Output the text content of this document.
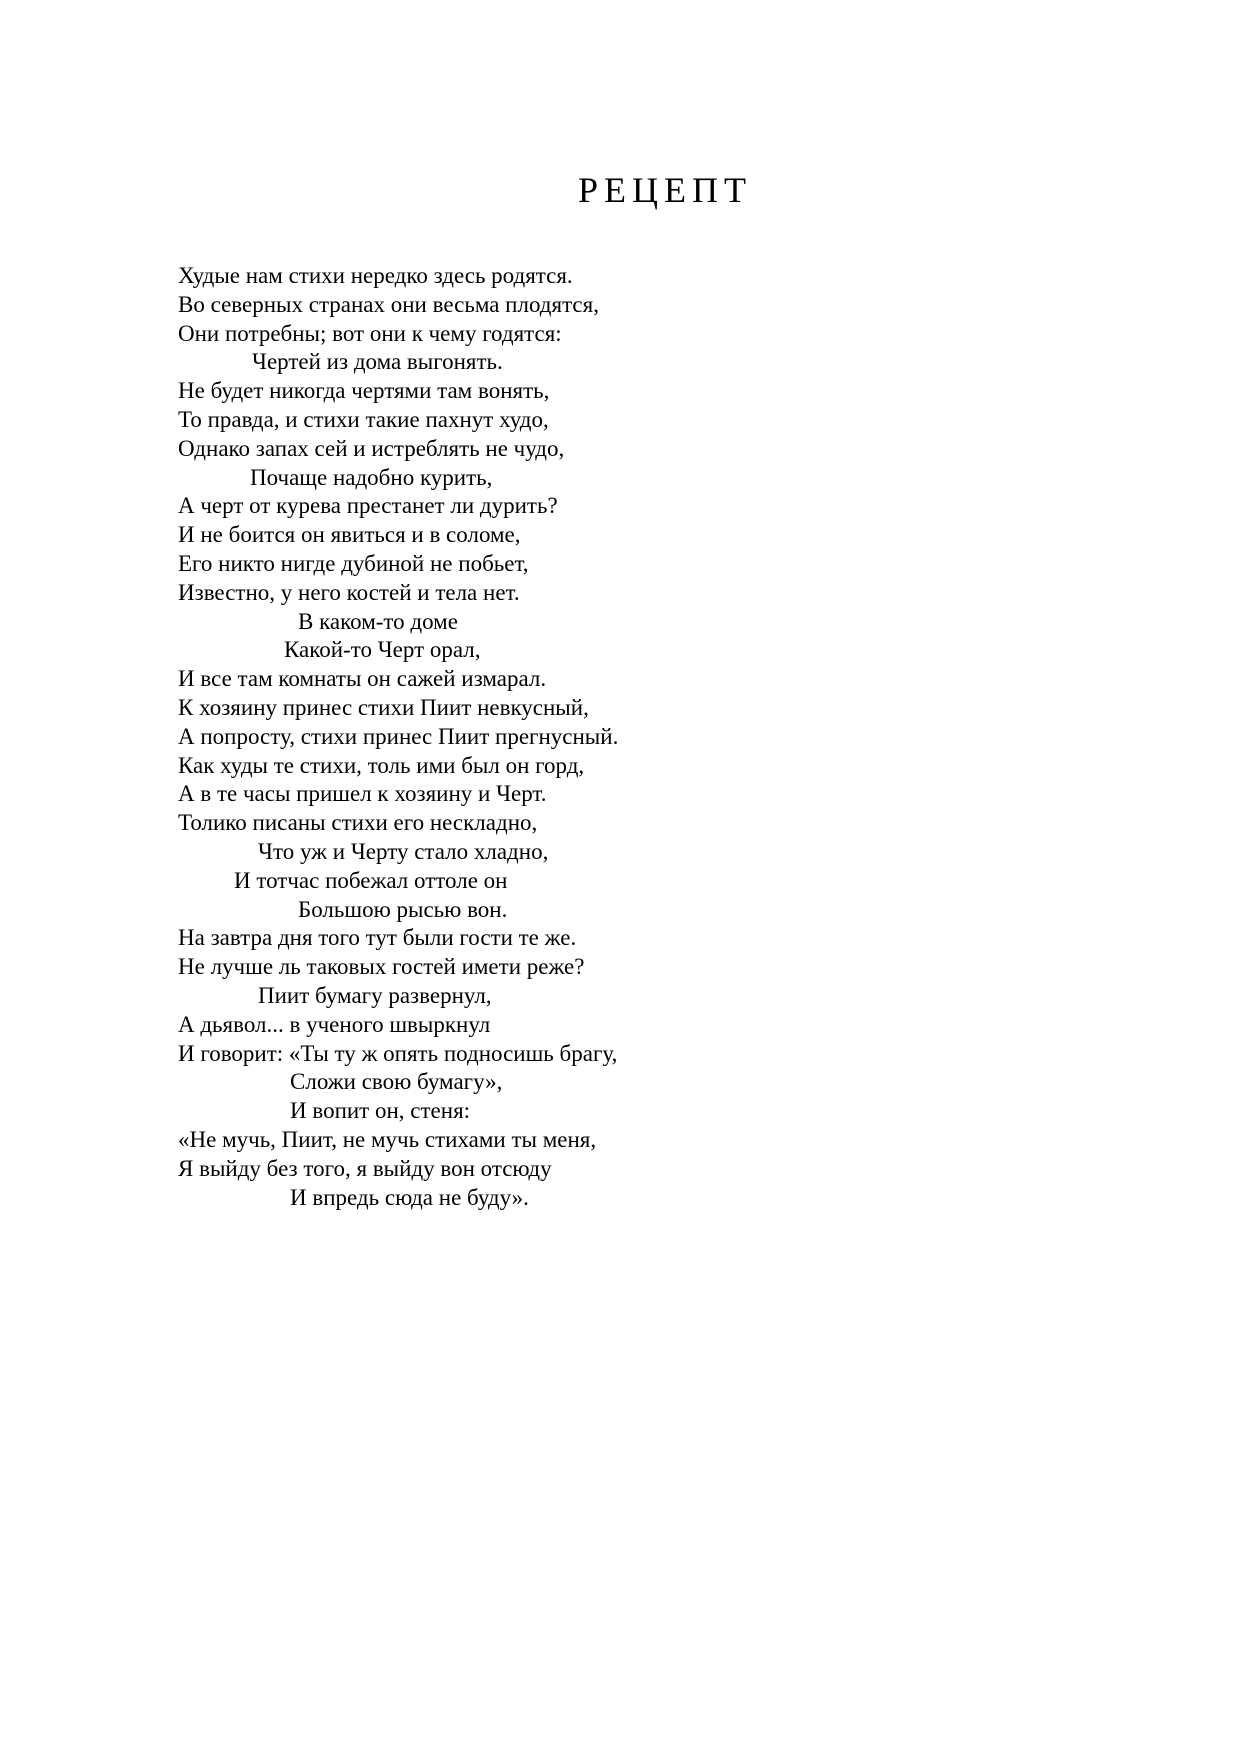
РЕЦЕПТ
Худые нам стихи нередко здесь родятся.
Во северных странах они весьма плодятся,
Они потребны; вот они к чему годятся:
Чертей из дома выгонять.
Не будет никогда чертями там вонять,
То правда, и стихи такие пахнут худо,
Однако запах сей и истреблять не чудо,
Почаще надобно курить,
А черт от курева престанет ли дурить?
И не боится он явиться и в соломе,
Его никто нигде дубиной не побьет,
Известно, у него костей и тела нет.
В каком-то доме
Какой-то Черт орал,
И все там комнаты он сажей измарал.
К хозяину принес стихи Пиит невкусный,
А попросту, стихи принес Пиит прегнусный.
Как худы те стихи, толь ими был он горд,
А в те часы пришел к хозяину и Черт.
Толико писаны стихи его нескладно,
Что уж и Черту стало хладно,
И тотчас побежал оттоле он
Большою рысью вон.
На завтра дня того тут были гости те же.
Не лучше ль таковых гостей имети реже?
Пиит бумагу развернул,
А дьявол... в ученого швыркнул
И говорит: «Ты ту ж опять подносишь брагу,
Сложи свою бумагу»,
И вопит он, стеня:
«Не мучь, Пиит, не мучь стихами ты меня,
Я выйду без того, я выйду вон отсюду
И впредь сюда не буду».
